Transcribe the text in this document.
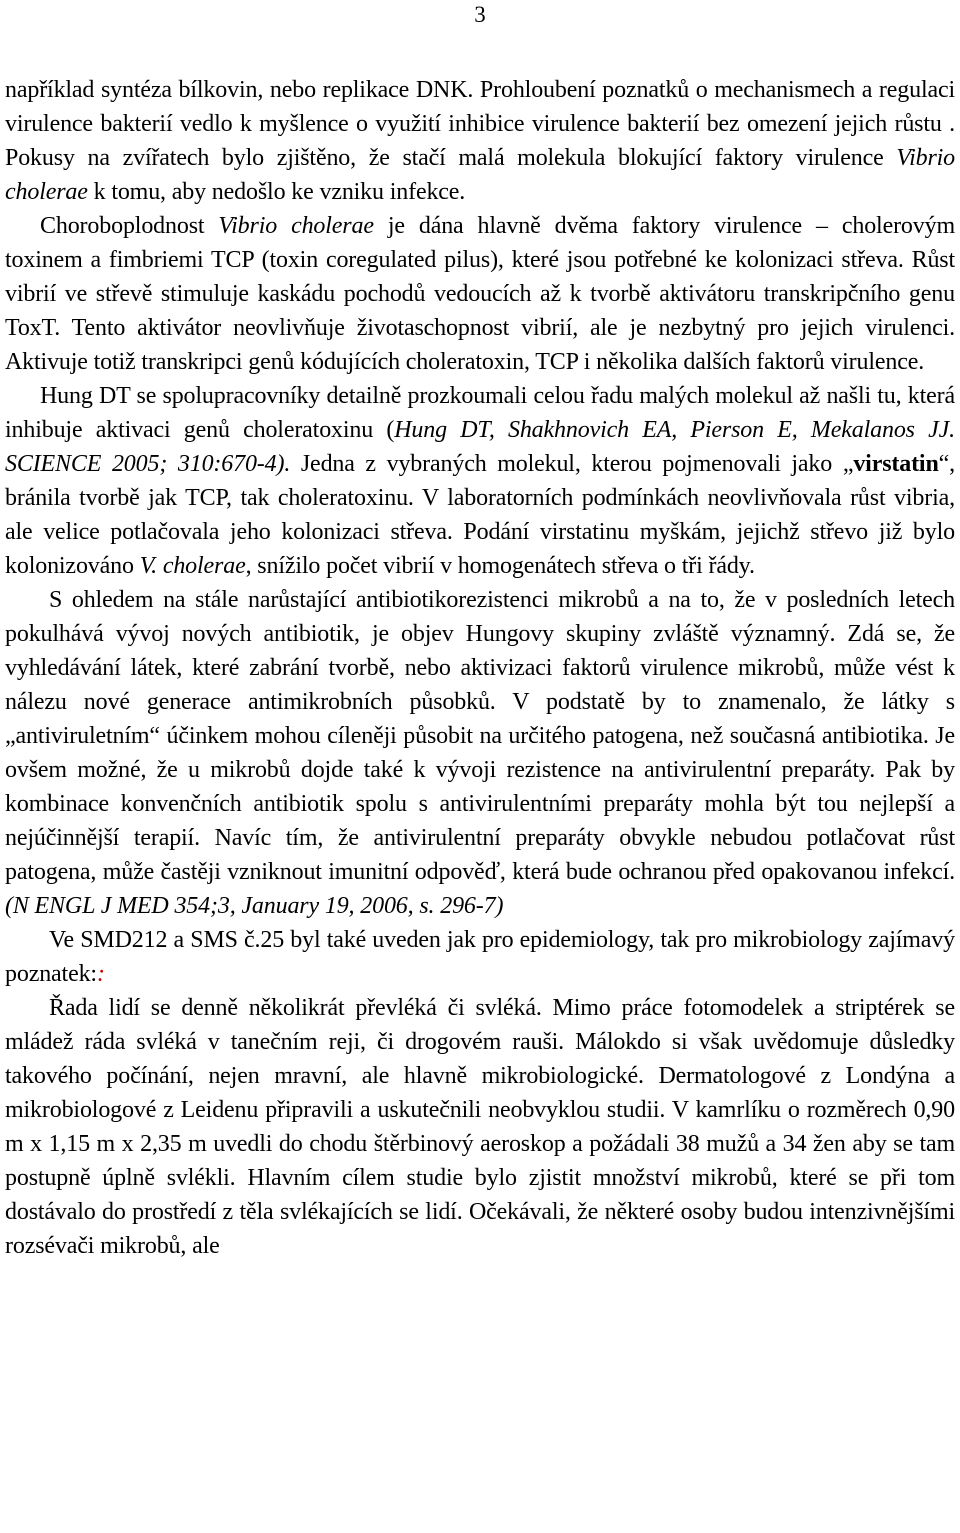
3

například syntéza bílkovin, nebo replikace DNK. Prohloubení poznatků o mechanismech a regulaci virulence bakterií vedlo k myšlence o využití inhibice virulence bakterií bez omezení jejich růstu . Pokusy na zvířatech bylo zjištěno, že stačí malá molekula blokující faktory virulence Vibrio cholerae k tomu, aby nedošlo ke vzniku infekce.

Choroboplodnost Vibrio cholerae je dána hlavně dvěma faktory virulence – cholerovým toxinem a fimbriemi TCP (toxin coregulated pilus), které jsou potřebné ke kolonizaci střeva. Růst vibrií ve střevě stimuluje kaskádu pochodů vedoucích až k tvorbě aktivátoru transkripčního genu ToxT. Tento aktivátor neovlivňuje životaschopnost vibrií, ale je nezbytný pro jejich virulenci. Aktivuje totiž transkripci genů kódujících choleratoxin, TCP i několika dalších faktorů virulence.

Hung DT se spolupracovníky detailně prozkoumali celou řadu malých molekul až našli tu, která inhibuje aktivaci genů choleratoxinu (Hung DT, Shakhnovich EA, Pierson E, Mekalanos JJ. SCIENCE 2005; 310:670-4). Jedna z vybraných molekul, kterou pojmenovali jako „virstatin“, bránila tvorbě jak TCP, tak choleratoxinu. V laboratorních podmínkách neovlivňovala růst vibria, ale velice potlačovala jeho kolonizaci střeva. Podání virstatinu myškám, jejichž střevo již bylo kolonizováno V. cholerae, snížilo počet vibrií v homogenátech střeva o tři řády.

S ohledem na stále narůstající antibiotikorezistenci mikrobů a na to, že v posledních letech pokulhává vývoj nových antibiotik, je objev Hungovy skupiny zvláště významný. Zdá se, že vyhledávání látek, které zabrání tvorbě, nebo aktivizaci faktorů virulence mikrobů, může vést k nálezu nové generace antimikrobních působků. V podstatě by to znamenalo, že látky s „antiviruletním“ účinkem mohou cíleněji působit na určitého patogena, než současná antibiotika. Je ovšem možné, že u mikrobů dojde také k vývoji rezistence na antivirulentní preparáty. Pak by kombinace konvenčních antibiotik spolu s antivirulentními preparáty mohla být tou nejlepší a nejúčinnější terapií. Navíc tím, že antivirulentní preparáty obvykle nebudou potlačovat růst patogena, může častěji vzniknout imunitní odpověď, která bude ochranou před opakovanou infekcí. (N ENGL J MED 354;3, January 19, 2006, s. 296-7)

Ve SMD212 a SMS č.25 byl také uveden jak pro epidemiology, tak pro mikrobiology zajímavý poznatek::

Řada lidí se denně několikrát převléká či svléká. Mimo práce fotomodelek a striptérek se mládež ráda svléká v tanečním reji, či drogovém rauši. Málokdo si však uvědomuje důsledky takového počínání, nejen mravní, ale hlavně mikrobiologické. Dermatologové z Londýna a mikrobiologové z Leidenu připravili a uskutečnili neobvyklou studii. V kamrlíku o rozměrech 0,90 m x 1,15 m x 2,35 m uvedli do chodu štěrbinový aeroskop a požádali 38 mužů a 34 žen aby se tam postupně úplně svlékli. Hlavním cílem studie bylo zjistit množství mikrobů, které se při tom dostávalo do prostředí z těla svlékajících se lidí. Očekávali, že některé osoby budou intenzivnějšími rozsévači mikrobů, ale
